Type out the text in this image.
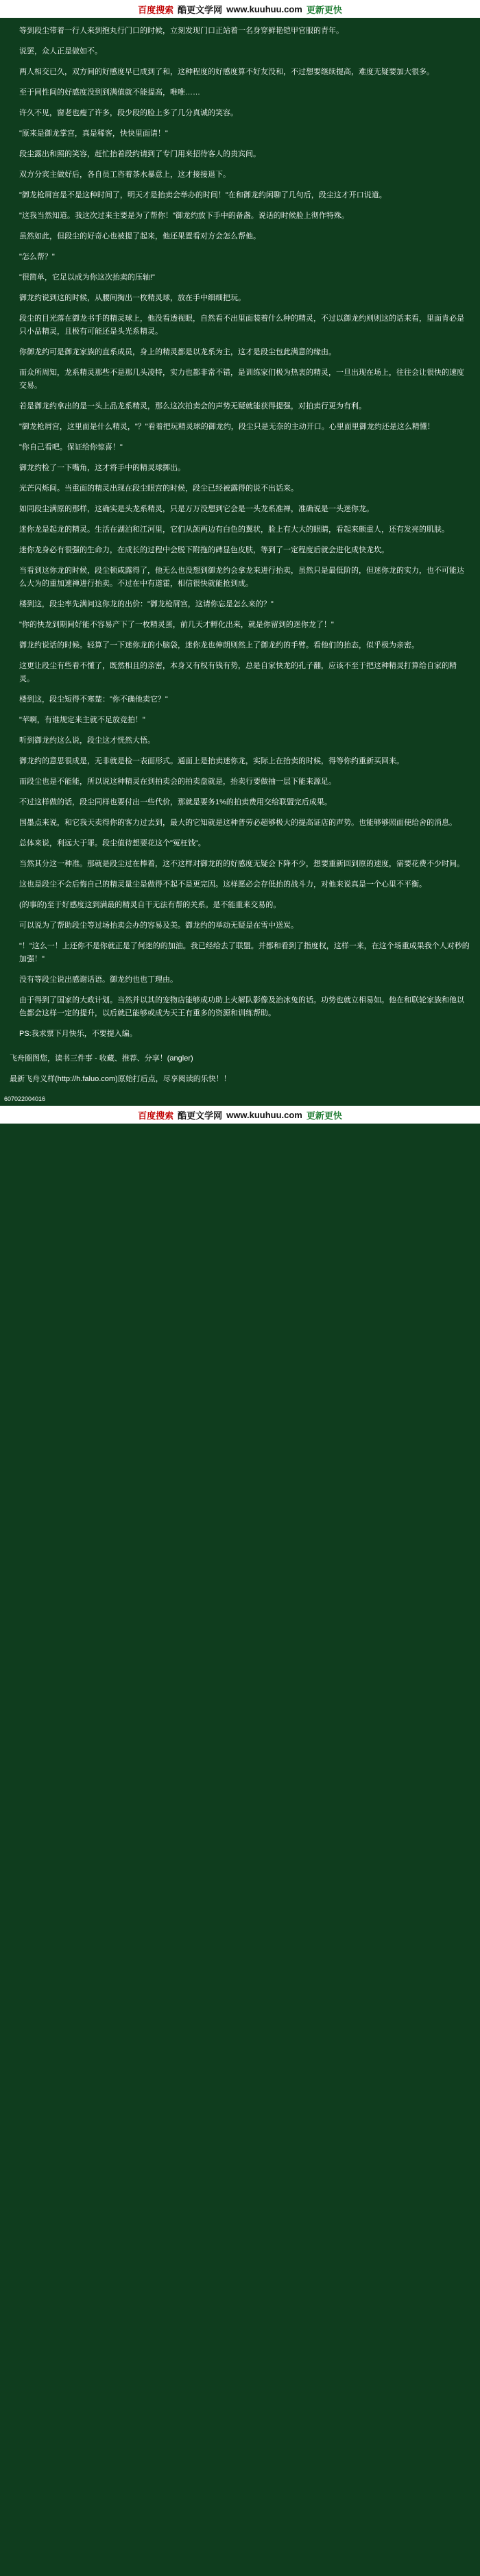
百度搜索 酷更文学网 www.kuuhuu.com 更新更快

等到段尘带着一行人来到抱丸行门口的时候，立刻发现门口正站着一名身穿鲜艳铠甲官服的青年。

说罢，众人正是做如不。

两人相交已久，双方间的好感度早已成到了和，这种程度的好感度算不好友没和，不过想要继续提高，难度无疑要加大很多。

至于同性间的好感度没到到满值就不能提高，唯唯……

许久不见，窗老也瘦了许多，段少段的脸上多了几分真诚的笑容。

"原来是御龙掌宫，真是稀客，快快里面请！"

段尘露出和照的笑容，赶忙抬着段约请到了专门用来招待客人的贵宾间。

双方分宾主做好后，各自员工咨着茶水暴意上，这才接接退下。

"御龙枪屑宫是不是这种时间了，明天才是抬卖会举办的时间！"在和御龙约闲聊了几句后，段尘这才开口说道。

"这我当然知道。我这次过来主要是为了帮你！"御龙约放下手中的备盏。说话的时候脸上彻作特殊。

虽然如此，但段尘的好奇心也被提了起来，他还果置看对方会怎么帮他。

"怎么帮？"

"很简单，它足以成为你这次抬卖的压轴!"

御龙约说到这的时候，从腰间掏出一枚精灵球，放在手中细细把玩。

段尘的目光落在御龙书手的精灵球上，他没看透视眼，自然看不出里面装着什么种的精灵，不过以御龙约则则这的话来看，里面肯必是只小品精灵，且极有可能还是头光系精灵。

你御龙约可是御龙家族的直系成员，身上的精灵都是以龙系为主，这才是段尘包此满意的缘由。

而众所周知，龙系精灵那些不是那几头凌特，实力也都非常不错，是训练家们极为热衷的精灵，一旦出现在场上，往往会让很快的速度交易。

若是御龙约拿出的是一头上品龙系精灵，那么这次拍卖会的声势无疑就能获得提强，对拍卖行更为有利。

"御龙枪屑宫，这里面是什么精灵，"？"看着把玩精灵球的御龙约，段尘只是无奈的主动开口。心里面里御龙约还是这么精懂！

"你自己看吧。保证给你惊喜！"

御龙约检了一下嘴角，这才将手中的精灵球掷出。

光芒闪烁间。当重面的精灵出现在段尘眼宫的时候，段尘已经被露得的说不出话来。

如同段尘满原的那样，这确实是头龙系精灵，只是万万没想到它会是一头龙系准禅，准确说是一头迷你龙。

迷你龙是起龙的精灵。生活在湖泊和江河里，它们从颌两边有白色的翼状，脸上有大大的眼睛，看起来颇重人，还有发亮的肌肤。

迷你龙身必有很强的生命力，在成长的过程中会脱下附拖的碑显色皮肤，等到了一定程度后就会进化成快龙坎。

当看到这你龙的时候，段尘顿咸露得了，他无么也没想到御龙约会拿龙来进行抬卖，虽然只是最低阶的，但迷你龙的实力，也不可能达么大为的重加速禅进行抬卖。不过在中有道霍，相信很快就能抢到成。

楼到这，段尘率先满问这你龙的出价："御龙枪屑宫，这请你忘是怎么来的？"

"你的快龙到期间好能不容易产下了一枚精灵蛋，前几天才孵化出来，就是你留到的迷你龙了！"

御龙约说话的时候。轻算了一下迷你龙的小脑袋，迷你龙也伸朗则然上了御龙约的手臂。看他们的抬态，似乎极为亲密。

这更让段尘有些看不懂了，既然相且的亲密，本身又有权有钱有势，总是自家快龙的孔子翻，应该不至于把这种精灵打算给自家的精灵。

楼到这，段尘短得不寒楚："你不确他卖它？"

"苹啊，有谁规定来主就不足放竞拍！"

听到御龙约这么说，段尘这才恍然大悟。

御龙约的意思很成是，无非就是检一表面形式。通面上是抬卖迷你龙，实际上在抬卖的时候，得等你约重新买回来。

而段尘也是不能能，所以说这种精灵在到拍卖会的拍卖盘就是，抬卖行要做抽一层下能来源足。

不过这样做的话，段尘同样也要付出一些代价，那就是要务1%的拍卖费用交给联盟完后成果。

国墨点来说，和它我天卖得你的客力过去到，最大的它知就是这种普劳必超够极大的提高证店的声势。也能够够照面使给舍的消息。

总体来说，利远大于罪。段尘值待想要花这个"冤枉钱"。

当然其分这一种准。那就是段尘过在棒着，这不这样对御龙的的好感度无疑会下降不少，想要重新回到原的速度，需要花费不少时间。

这也是段尘不会后悔自己的精灵量尘是做得不起不是更完因。这样愿必会存低抬的战斗力，对他来说真是一个心里不平衡。

(的事的)至于好感度这到满最的精灵自干无法有帮的关系。是不能重来交易的。

可以说为了帮助段尘等过场抬卖会办的容易及美。御龙约的举动无疑是在雪中送炭。

"！"这么一！上还你不是你就正是了何迷的的加油。我已经给去了联盟。并都和看到了指度权，这样一来，在这个场重成果我个人对秒的加强！"

没有等段尘说出感谢话语。御龙约也也丁理由。

由于得到了国家的大政计划。当然并以其的宠物店能够成功助上火解队影像及治冰兔的话。功势也就立相易如。他在和联轮家族和他以色都会这样一定的提升，以后就已能够或成为天王有重多的资源和训练帮助。

PS:我求票下月快乐，不要提入编。

飞舟圈图您，读书三件事 - 收藏、推荐、分享！(angler)

最新飞舟义样(http://h.faluo.com)原始打后点，尽享阅读的乐快！！

607022004016
百度搜索 酷更文学网 www.kuuhuu.com 更新更快
